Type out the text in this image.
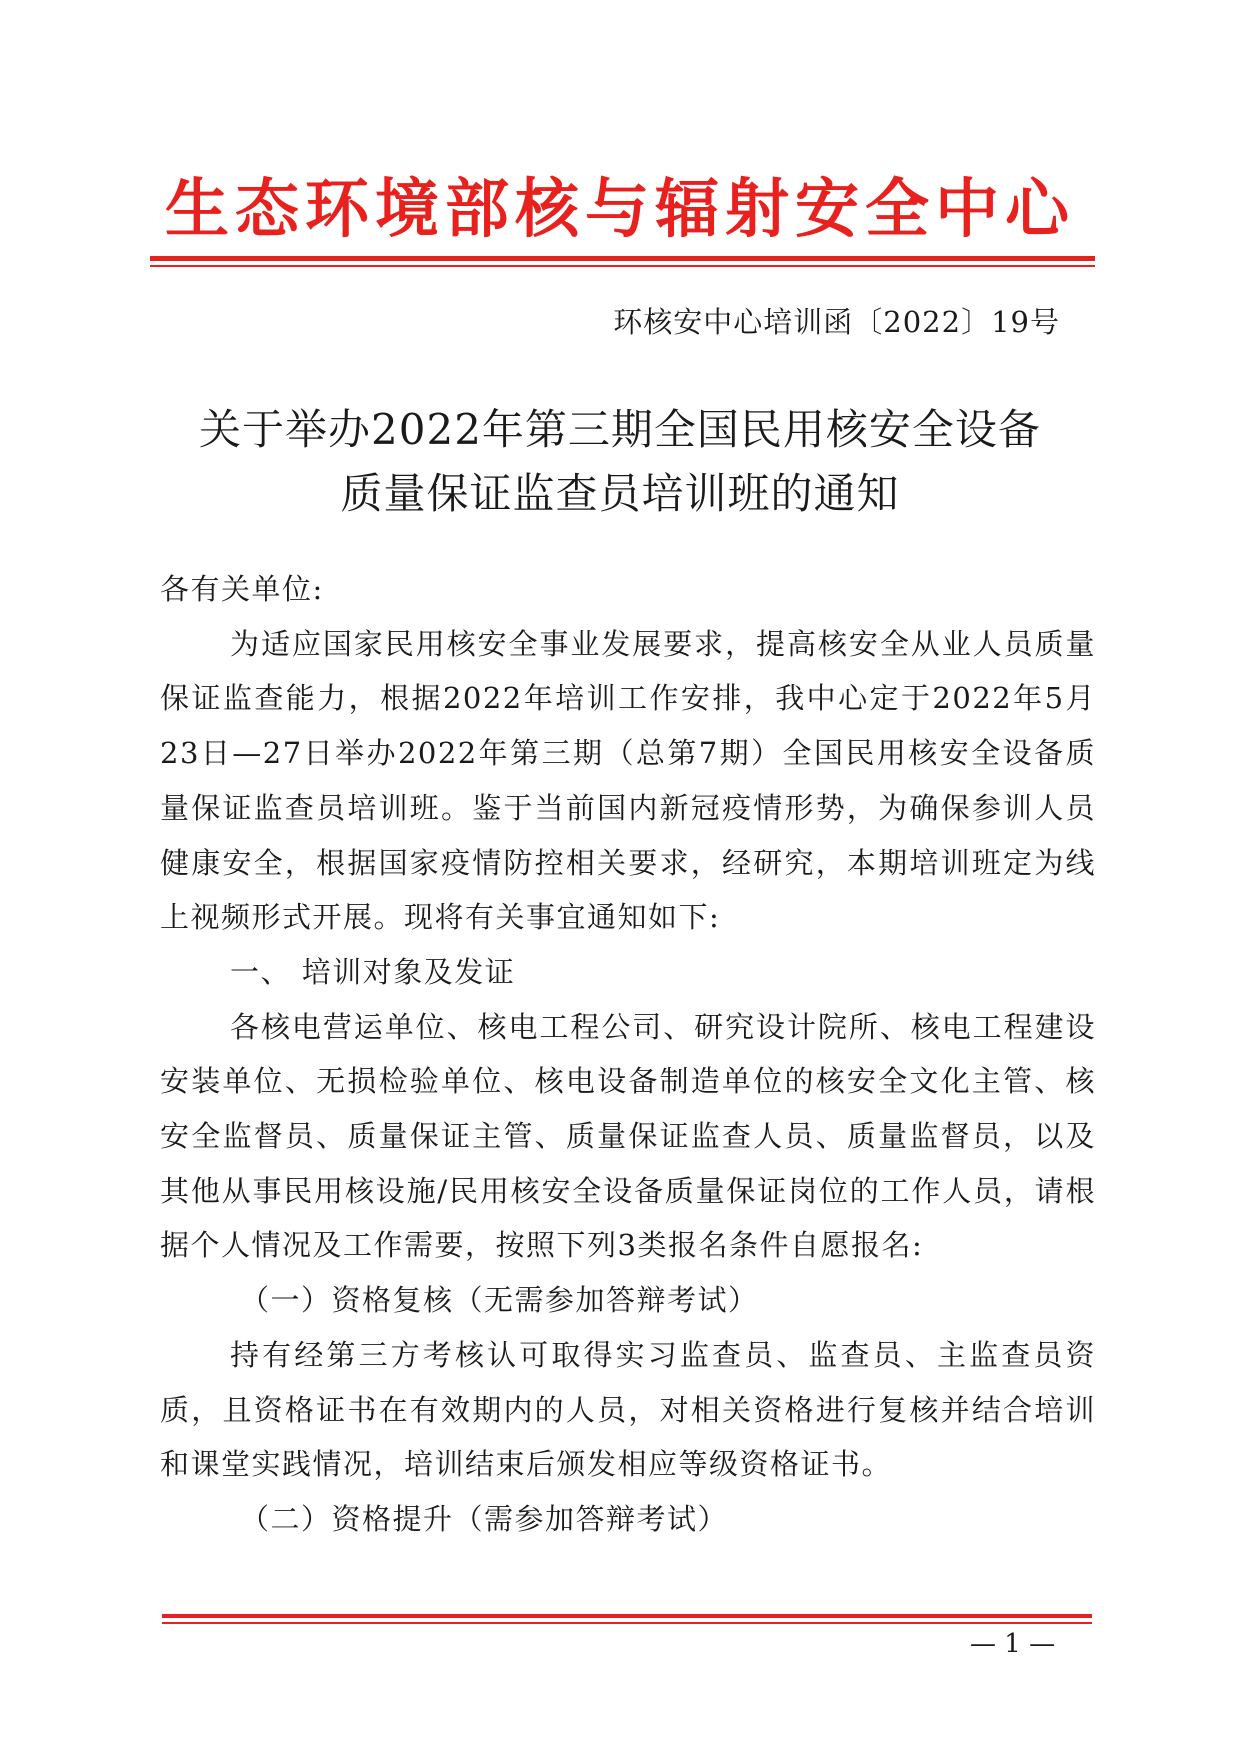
生态环境部核与辐射安全中心
环核安中心培训函〔2022〕19号
关于举办2022年第三期全国民用核安全设备
质量保证监查员培训班的通知

各有关单位:

为适应国家民用核安全事业发展要求，提高核安全从业人员质量保证监查能力，根据2022年培训工作安排，我中心定于2022年5月23日—27日举办2022年第三期（总第7期）全国民用核安全设备质量保证监查员培训班。鉴于当前国内新冠疫情形势，为确保参训人员健康安全，根据国家疫情防控相关要求，经研究，本期培训班定为线上视频形式开展。现将有关事宜通知如下:

一、 培训对象及发证

各核电营运单位、核电工程公司、研究设计院所、核电工程建设安装单位、无损检验单位、核电设备制造单位的核安全文化主管、核安全监督员、质量保证主管、质量保证监查人员、质量监督员，以及其他从事民用核设施/民用核安全设备质量保证岗位的工作人员，请根据个人情况及工作需要，按照下列3类报名条件自愿报名:

（一）资格复核（无需参加答辩考试）

持有经第三方考核认可取得实习监查员、监查员、主监查员资质，且资格证书在有效期内的人员，对相关资格进行复核并结合培训和课堂实践情况，培训结束后颁发相应等级资格证书。

（二）资格提升（需参加答辩考试）

— 1 —
